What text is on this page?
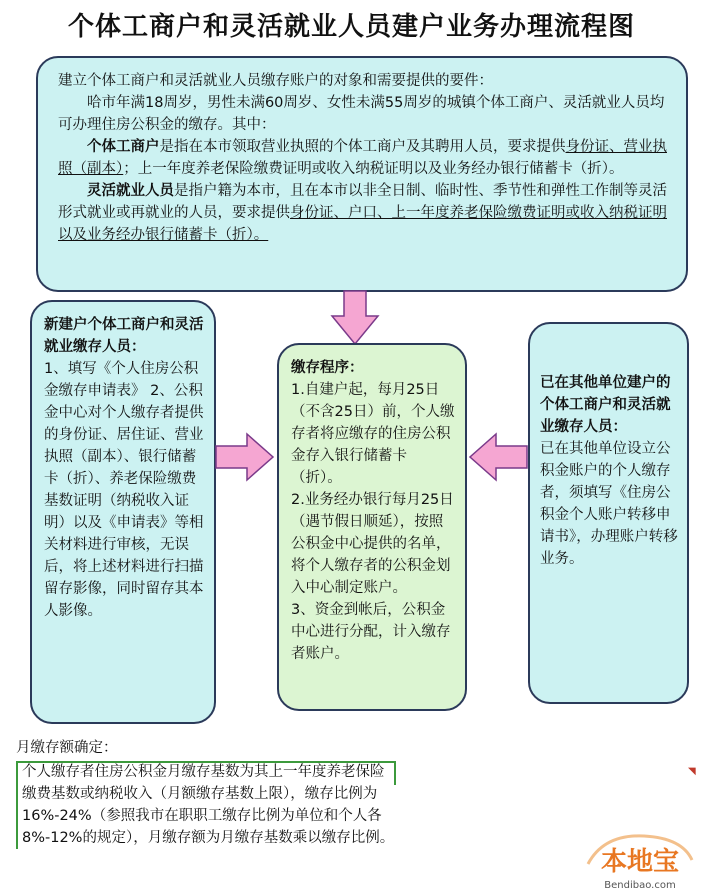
个体工商户和灵活就业人员建户业务办理流程图

建立个体工商户和灵活就业人员缴存账户的对象和需要提供的要件：

哈市年满18周岁，男性未满60周岁、女性未满55周岁的城镇个体工商户、灵活就业人员均可办理住房公积金的缴存。其中：

个体工商户是指在本市领取营业执照的个体工商户及其聘用人员，要求提供身份证、营业执照（副本）；上一年度养老保险缴费证明或收入纳税证明以及业务经办银行储蓄卡（折）。

灵活就业人员是指户籍为本市，且在本市以非全日制、临时性、季节性和弹性工作制等灵活形式就业或再就业的人员，要求提供身份证、户口、上一年度养老保险缴费证明或收入纳税证明以及业务经办银行储蓄卡（折）。

新建户个体工商户和灵活就业缴存人员：

1、填写《个人住房公积金缴存申请表》 2、公积金中心对个人缴存者提供的身份证、居住证、营业执照（副本）、银行储蓄卡（折）、养老保险缴费基数证明（纳税收入证明）以及《申请表》等相关材料进行审核，无误后，将上述材料进行扫描留存影像，同时留存其本人影像。

缴存程序：

1.自建户起，每月25日（不含25日）前，个人缴存者将应缴存的住房公积金存入银行储蓄卡（折）。

2.业务经办银行每月25日（遇节假日顺延），按照公积金中心提供的名单，将个人缴存者的公积金划入中心制定账户。

3、资金到帐后，公积金中心进行分配，计入缴存者账户。

已在其他单位建户的个体工商户和灵活就业缴存人员：

已在其他单位设立公积金账户的个人缴存者，须填写《住房公积金个人账户转移申请书》，办理账户转移业务。

月缴存额确定：

个人缴存者住房公积金月缴存基数为其上一年度养老保险缴费基数或纳税收入（月额缴存基数上限），缴存比例为16%-24%（参照我市在职职工缴存比例为单位和个人各8%-12%的规定），月缴存额为月缴存基数乘以缴存比例。

◥
本地宝
Bendibao.com
